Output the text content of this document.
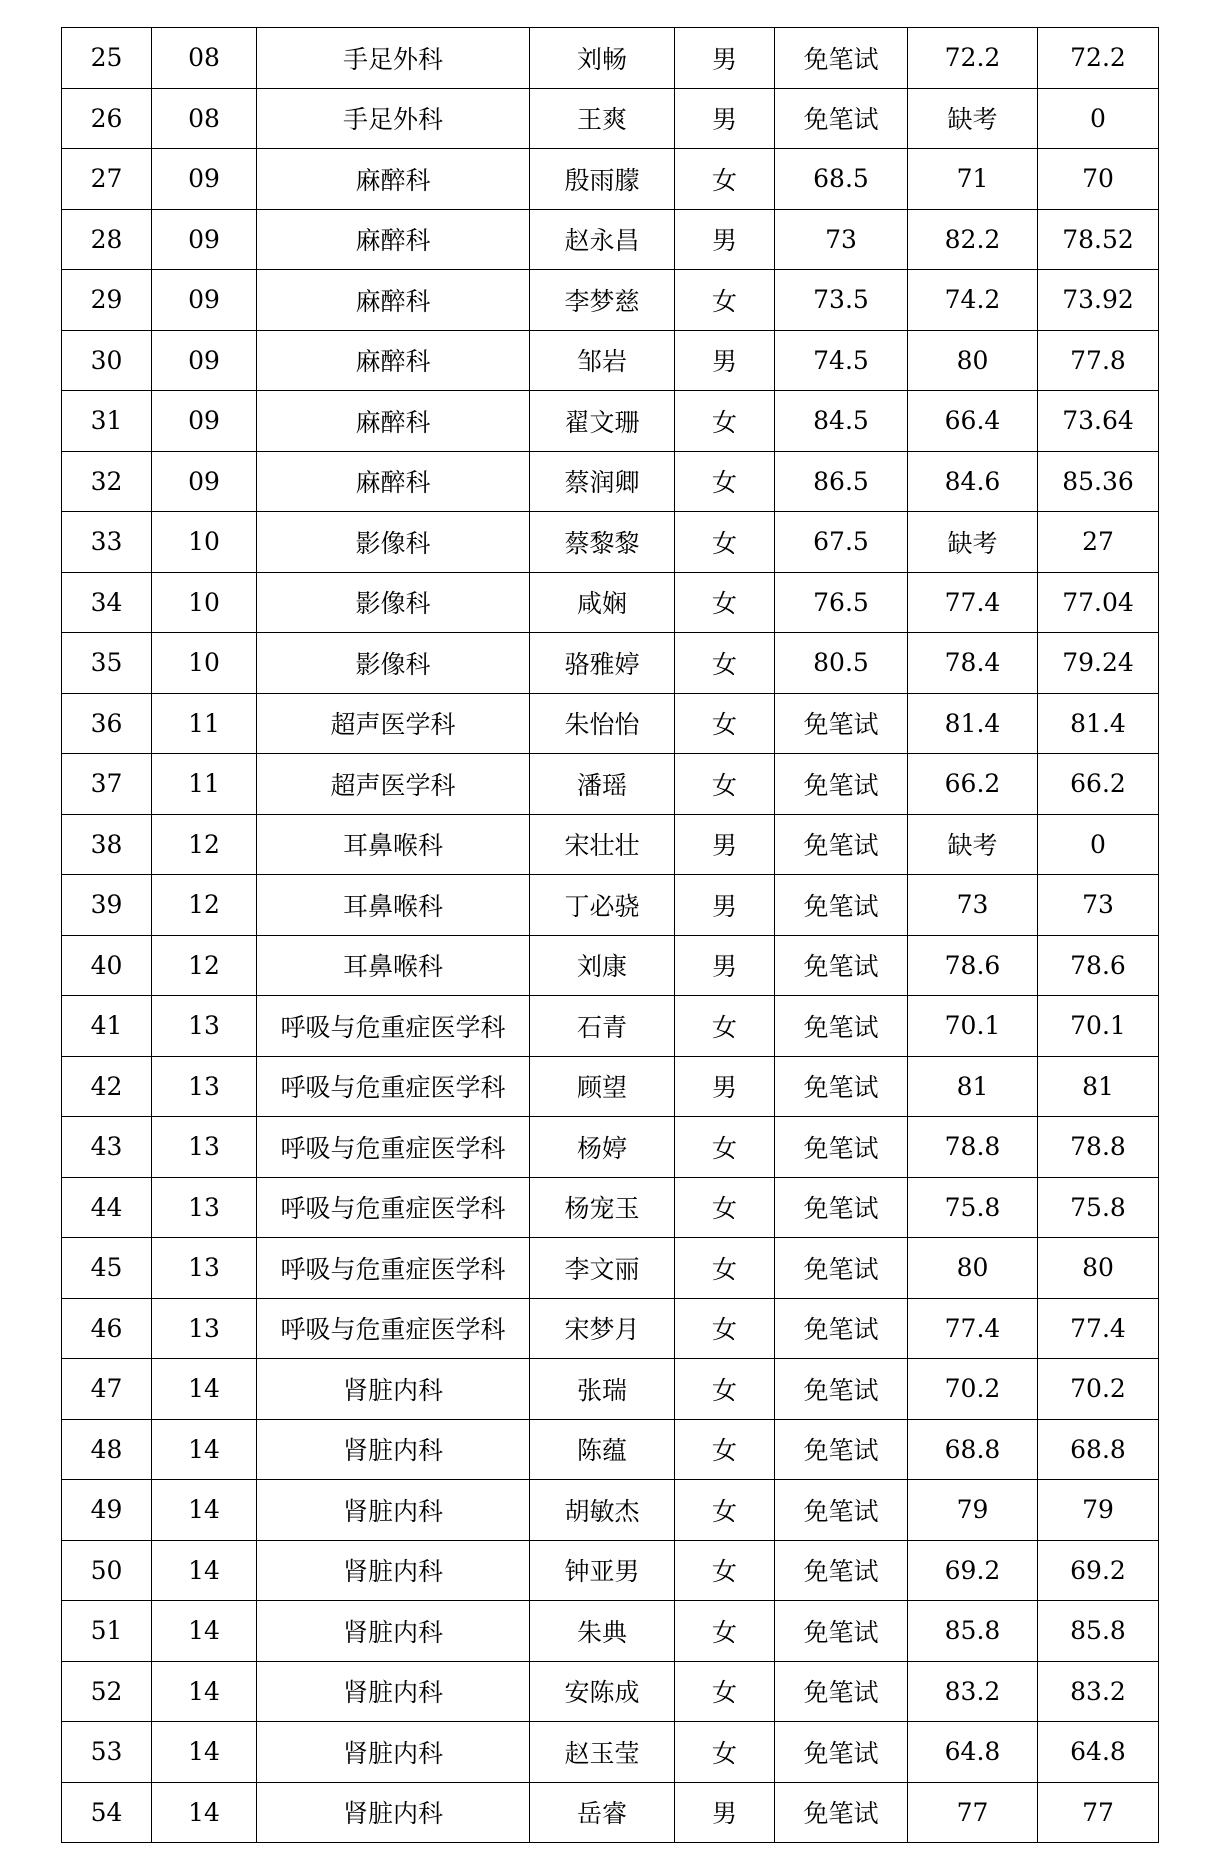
25	08	手足外科	刘畅	男	免笔试	72.2	72.2
26	08	手足外科	王爽	男	免笔试	缺考	0
27	09	麻醉科	殷雨朦	女	68.5	71	70
28	09	麻醉科	赵永昌	男	73	82.2	78.52
29	09	麻醉科	李梦慈	女	73.5	74.2	73.92
30	09	麻醉科	邹岩	男	74.5	80	77.8
31	09	麻醉科	翟文珊	女	84.5	66.4	73.64
32	09	麻醉科	蔡润卿	女	86.5	84.6	85.36
33	10	影像科	蔡黎黎	女	67.5	缺考	27
34	10	影像科	咸娴	女	76.5	77.4	77.04
35	10	影像科	骆雅婷	女	80.5	78.4	79.24
36	11	超声医学科	朱怡怡	女	免笔试	81.4	81.4
37	11	超声医学科	潘瑶	女	免笔试	66.2	66.2
38	12	耳鼻喉科	宋壮壮	男	免笔试	缺考	0
39	12	耳鼻喉科	丁必骁	男	免笔试	73	73
40	12	耳鼻喉科	刘康	男	免笔试	78.6	78.6
41	13	呼吸与危重症医学科	石青	女	免笔试	70.1	70.1
42	13	呼吸与危重症医学科	顾望	男	免笔试	81	81
43	13	呼吸与危重症医学科	杨婷	女	免笔试	78.8	78.8
44	13	呼吸与危重症医学科	杨宠玉	女	免笔试	75.8	75.8
45	13	呼吸与危重症医学科	李文丽	女	免笔试	80	80
46	13	呼吸与危重症医学科	宋梦月	女	免笔试	77.4	77.4
47	14	肾脏内科	张瑞	女	免笔试	70.2	70.2
48	14	肾脏内科	陈蕴	女	免笔试	68.8	68.8
49	14	肾脏内科	胡敏杰	女	免笔试	79	79
50	14	肾脏内科	钟亚男	女	免笔试	69.2	69.2
51	14	肾脏内科	朱典	女	免笔试	85.8	85.8
52	14	肾脏内科	安陈成	女	免笔试	83.2	83.2
53	14	肾脏内科	赵玉莹	女	免笔试	64.8	64.8
54	14	肾脏内科	岳睿	男	免笔试	77	77
